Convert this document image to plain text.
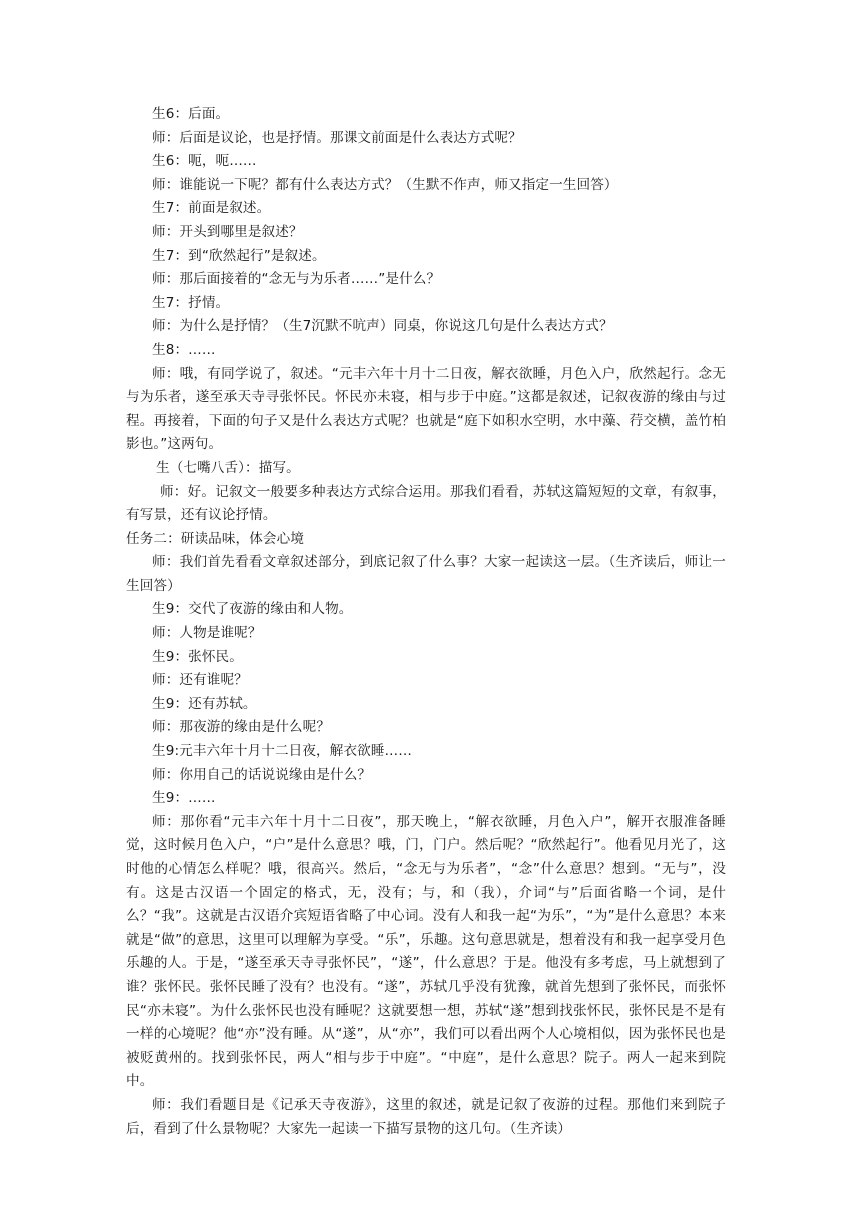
生6：后面。

师：后面是议论，也是抒情。那课文前面是什么表达方式呢？

生6：呃，呃……

师：谁能说一下呢？都有什么表达方式？（生默不作声，师又指定一生回答）

生7：前面是叙述。

师：开头到哪里是叙述？

生7：到“欣然起行”是叙述。

师：那后面接着的“念无与为乐者……”是什么？

生7：抒情。

师：为什么是抒情？（生7沉默不吭声）同桌，你说这几句是什么表达方式？

生8：……

师：哦，有同学说了，叙述。“元丰六年十月十二日夜，解衣欲睡，月色入户，欣然起行。念无与为乐者，遂至承天寺寻张怀民。怀民亦未寝，相与步于中庭。”这都是叙述，记叙夜游的缘由与过程。再接着，下面的句子又是什么表达方式呢？也就是“庭下如积水空明，水中藻、荇交横，盖竹柏影也。”这两句。

生（七嘴八舌）：描写。

师：好。记叙文一般要多种表达方式综合运用。那我们看看，苏轼这篇短短的文章，有叙事，有写景，还有议论抒情。

任务二：研读品味，体会心境

师：我们首先看看文章叙述部分，到底记叙了什么事？大家一起读这一层。（生齐读后，师让一生回答）

生9：交代了夜游的缘由和人物。

师：人物是谁呢？

生9：张怀民。

师：还有谁呢？

生9：还有苏轼。

师：那夜游的缘由是什么呢？

生9:元丰六年十月十二日夜，解衣欲睡……

师：你用自己的话说说缘由是什么？

生9：……

师：那你看“元丰六年十月十二日夜”，那天晚上，“解衣欲睡，月色入户”，解开衣服准备睡觉，这时候月色入户，“户”是什么意思？哦，门，门户。然后呢？“欣然起行”。他看见月光了，这时他的心情怎么样呢？哦，很高兴。然后，“念无与为乐者”，“念”什么意思？想到。“无与”，没有。这是古汉语一个固定的格式，无，没有；与，和（我），介词“与”后面省略一个词，是什么？“我”。这就是古汉语介宾短语省略了中心词。没有人和我一起“为乐”，“为”是什么意思？本来就是“做”的意思，这里可以理解为享受。“乐”，乐趣。这句意思就是，想着没有和我一起享受月色乐趣的人。于是，“遂至承天寺寻张怀民”，“遂”，什么意思？于是。他没有多考虑，马上就想到了谁？张怀民。张怀民睡了没有？也没有。“遂”，苏轼几乎没有犹豫，就首先想到了张怀民，而张怀民“亦未寝”。为什么张怀民也没有睡呢？这就要想一想，苏轼“遂”想到找张怀民，张怀民是不是有一样的心境呢？他“亦”没有睡。从“遂”，从“亦”，我们可以看出两个人心境相似，因为张怀民也是被贬黄州的。找到张怀民，两人“相与步于中庭”。“中庭”，是什么意思？院子。两人一起来到院中。

师：我们看题目是《记承天寺夜游》，这里的叙述，就是记叙了夜游的过程。那他们来到院子后，看到了什么景物呢？大家先一起读一下描写景物的这几句。（生齐读）
